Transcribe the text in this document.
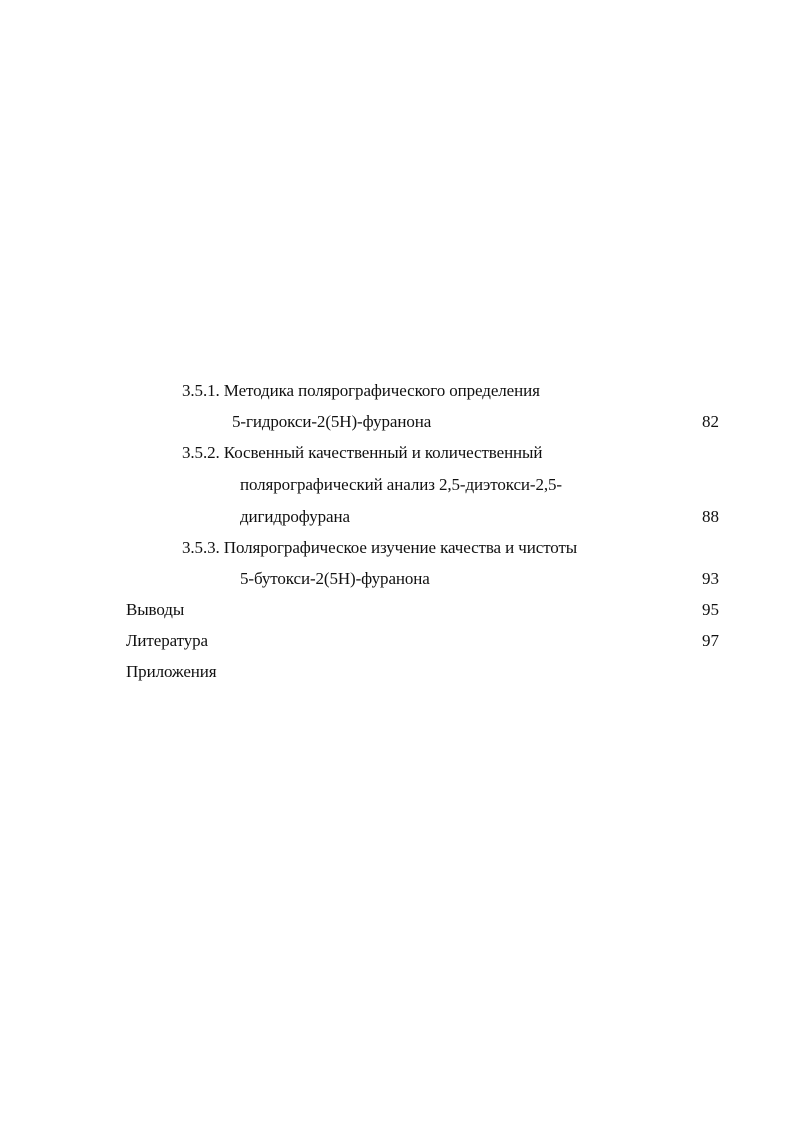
3.5.1. Методика полярографического определения
5-гидрокси-2(5Н)-фуранона	82
3.5.2. Косвенный качественный и количественный
полярографический анализ 2,5-диэтокси-2,5-
дигидрофурана	88
3.5.3. Полярографическое изучение качества и чистоты
5-бутокси-2(5Н)-фуранона	93
Выводы	95
Литература	97
Приложения
